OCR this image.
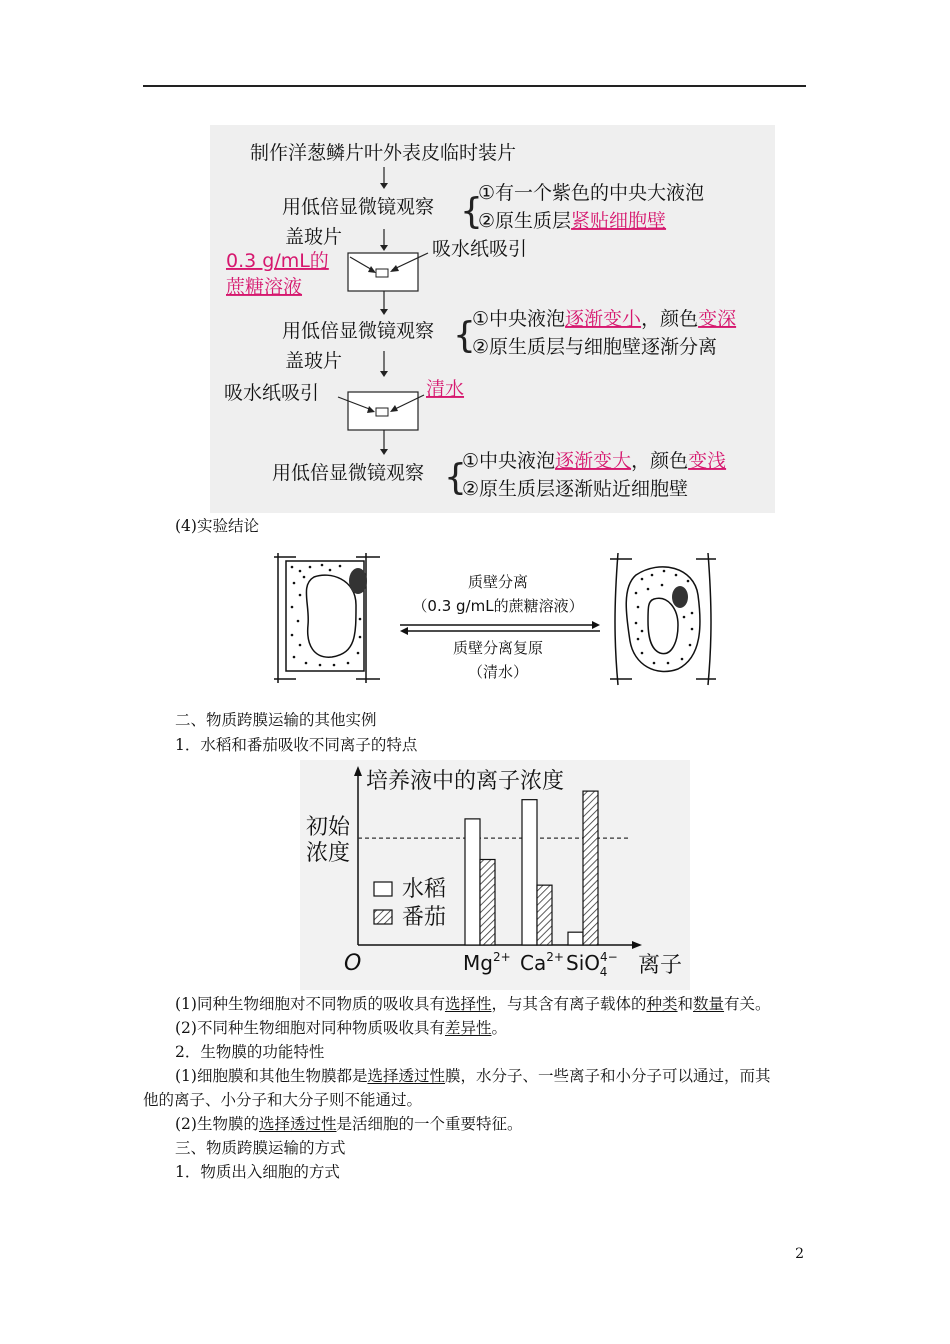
制作洋葱鳞片叶外表皮临时装片
用低倍显微镜观察 {
①有一个紫色的中央大液泡
②原生质层紧贴细胞壁
盖玻片
吸水纸吸引
0.3 g/mL的
蔗糖溶液
用低倍显微镜观察 {
①中央液泡逐渐变小，颜色变深
②原生质层与细胞壁逐渐分离
盖玻片
吸水纸吸引	清水
用低倍显微镜观察 {
①中央液泡逐渐变大，颜色变浅
②原生质层逐渐贴近细胞壁
(4)实验结论
质壁分离
（0.3 g/mL的蔗糖溶液）
质壁分离复原
（清水）
二、物质跨膜运输的其他实例
1．水稻和番茄吸收不同离子的特点
培养液中的离子浓度
初始
浓度
O	离子
$Mg^{2+}$ $Ca^{2+}$ SiO$^{4-}$ 4
水稻
番茄
(1)同种生物细胞对不同物质的吸收具有选择性，与其含有离子载体的种类和数量有关。
(2)不同种生物细胞对同种物质吸收具有差异性。
2．生物膜的功能特性
(1)细胞膜和其他生物膜都是选择透过性膜，水分子、一些离子和小分子可以通过，而其
他的离子、小分子和大分子则不能通过。
(2)生物膜的选择透过性是活细胞的一个重要特征。
三、物质跨膜运输的方式
1．物质出入细胞的方式
2
